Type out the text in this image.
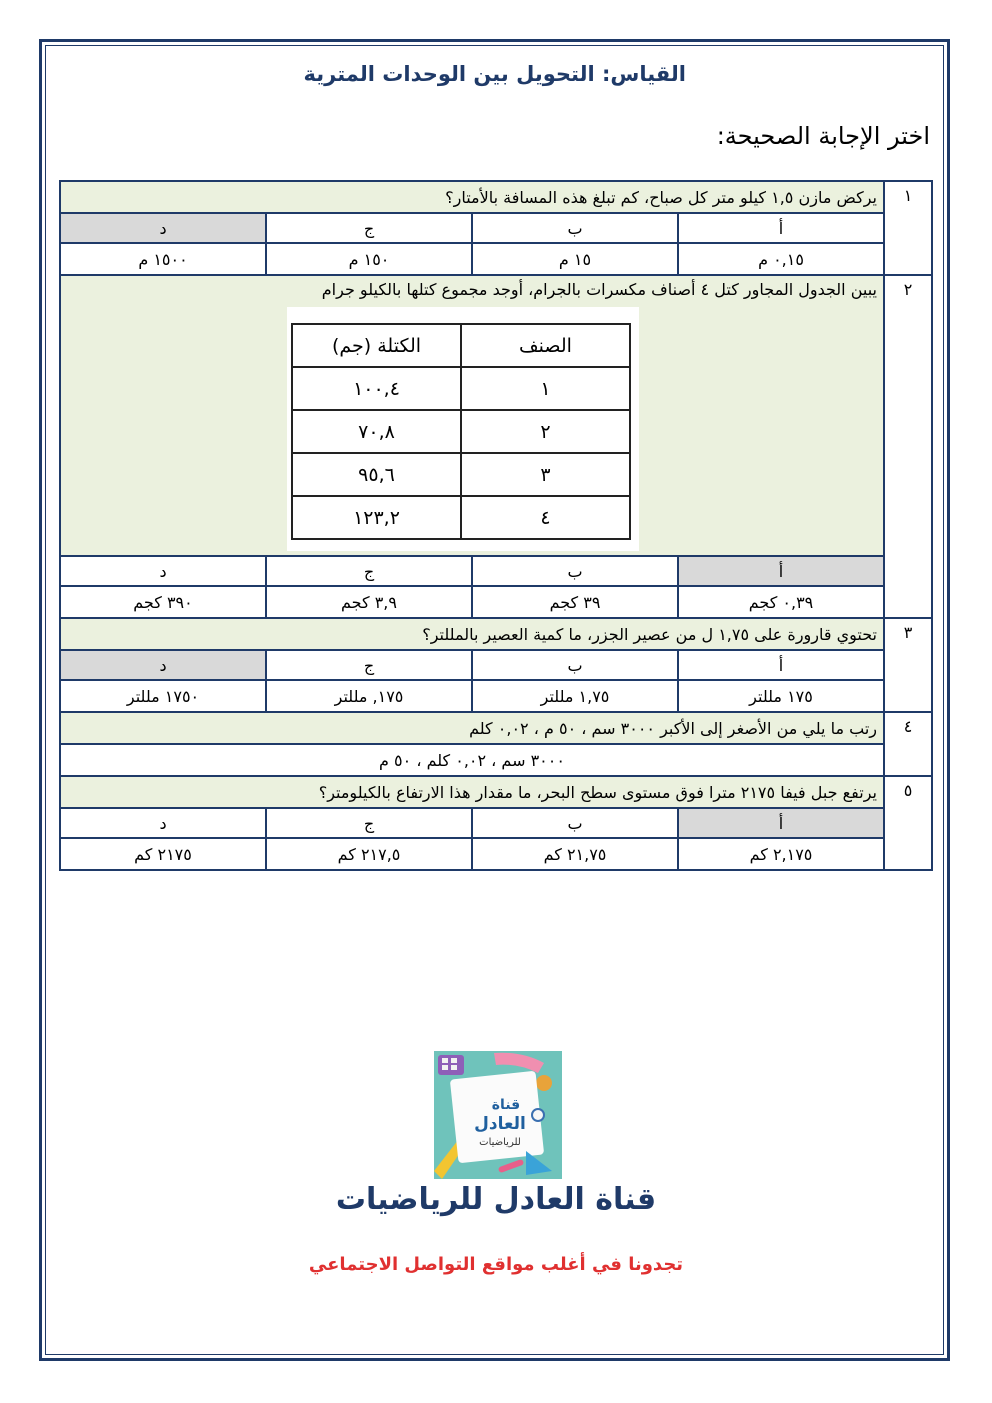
القياس: التحويل بين الوحدات المترية
اختر الإجابة الصحيحة:
١	يركض مازن ١,٥ كيلو متر كل صباح، كم تبلغ هذه المسافة بالأمتار؟
أ	ب	ج	د
٠,١٥ م	١٥ م	١٥٠ م	١٥٠٠ م
٢	
يبين الجدول المجاور كتل ٤ أصناف مكسرات بالجرام، أوجد مجموع كتلها بالكيلو جرام
الصنف	الكتلة (جم)
١	١٠٠,٤
٢	٧٠,٨
٣	٩٥,٦
٤	١٢٣,٢

أ	ب	ج	د
٠,٣٩ كجم	٣٩ كجم	٣,٩ كجم	٣٩٠ كجم
٣	تحتوي قارورة على ١,٧٥ ل من عصير الجزر، ما كمية العصير بالمللتر؟
أ	ب	ج	د
١٧٥ مللتر	١,٧٥ مللتر	١٧٥, مللتر	١٧٥٠ مللتر
٤	رتب ما يلي من الأصغر إلى الأكبر ٣٠٠٠ سم ، ٥٠ م ، ٠,٠٢ كلم
٣٠٠٠ سم ، ٠,٠٢ كلم ، ٥٠ م
٥	يرتفع جبل فيفا ٢١٧٥ مترا فوق مستوى سطح البحر، ما مقدار هذا الارتفاع بالكيلومتر؟
أ	ب	ج	د
٢,١٧٥ كم	٢١,٧٥ كم	٢١٧,٥ كم	٢١٧٥ كم
قناة
العادل
للرياضيات
قناة العادل للرياضيات
تجدونا في أغلب مواقع التواصل الاجتماعي
